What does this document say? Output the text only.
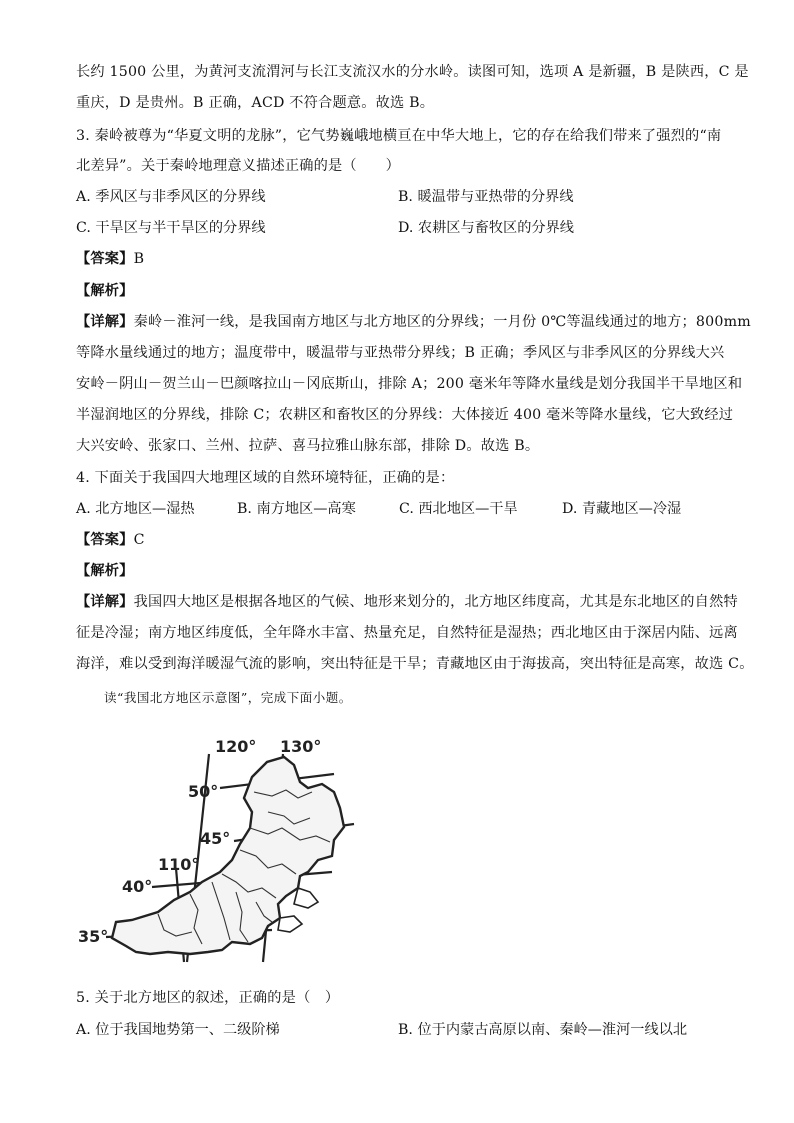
长约 1500 公里，为黄河支流渭河与长江支流汉水的分水岭。读图可知，选项 A 是新疆，B 是陕西，C 是
重庆，D 是贵州。B 正确，ACD 不符合题意。故选 B。
3. 秦岭被尊为“华夏文明的龙脉”，它气势巍峨地横亘在中华大地上，它的存在给我们带来了强烈的“南
北差异”。关于秦岭地理意义描述正确的是（　　）
A. 季风区与非季风区的分界线	B. 暖温带与亚热带的分界线
C. 干旱区与半干旱区的分界线	D. 农耕区与畜牧区的分界线
【答案】B
【解析】
【详解】秦岭－淮河一线，是我国南方地区与北方地区的分界线；一月份 0℃等温线通过的地方；800mm
等降水量线通过的地方；温度带中，暖温带与亚热带分界线；B 正确；季风区与非季风区的分界线大兴
安岭－阴山－贺兰山－巴颜喀拉山－冈底斯山，排除 A；200 毫米年等降水量线是划分我国半干旱地区和
半湿润地区的分界线，排除 C；农耕区和畜牧区的分界线：大体接近 400 毫米等降水量线，它大致经过
大兴安岭、张家口、兰州、拉萨、喜马拉雅山脉东部，排除 D。故选 B。
4. 下面关于我国四大地理区域的自然环境特征，正确的是：
A. 北方地区—湿热	B. 南方地区—高寒	C. 西北地区—干旱	D. 青藏地区—冷湿
【答案】C
【解析】
【详解】我国四大地区是根据各地区的气候、地形来划分的，北方地区纬度高，尤其是东北地区的自然特
征是冷湿；南方地区纬度低，全年降水丰富、热量充足，自然特征是湿热；西北地区由于深居内陆、远离
海洋，难以受到海洋暖湿气流的影响，突出特征是干旱；青藏地区由于海拔高，突出特征是高寒，故选 C。
读“我国北方地区示意图”，完成下面小题。
120° 130°
110°
50°
45°
40°
35°
5. 关于北方地区的叙述，正确的是（　）
A. 位于我国地势第一、二级阶梯	B. 位于内蒙古高原以南、秦岭—淮河一线以北
